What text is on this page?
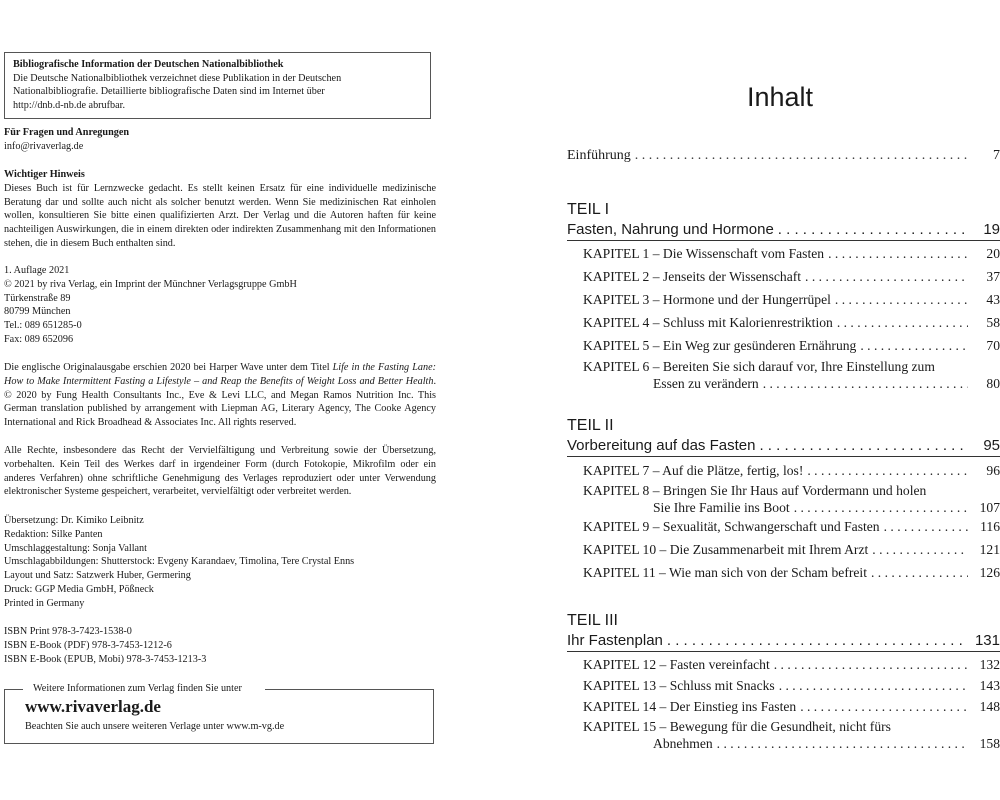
Bibliografische Information der Deutschen Nationalbibliothek
Die Deutsche Nationalbibliothek verzeichnet diese Publikation in der Deutschen
Nationalbibliografie. Detaillierte bibliografische Daten sind im Internet über
http://dnb.d-nb.de abrufbar.

Für Fragen und Anregungen

info@rivaverlag.de

Wichtiger Hinweis

Dieses Buch ist für Lernzwecke gedacht. Es stellt keinen Ersatz für eine individuelle medizinische Beratung dar und sollte auch nicht als solcher benutzt werden. Wenn Sie medizinischen Rat einholen wollen, konsultieren Sie bitte einen qualifizierten Arzt. Der Verlag und die Autoren haften für keine nachteiligen Auswirkungen, die in einem direkten oder indirekten Zusammenhang mit den Informationen stehen, die in diesem Buch enthalten sind.

1. Auflage 2021

© 2021 by riva Verlag, ein Imprint der Münchner Verlagsgruppe GmbH

Türkenstraße 89

80799 München

Tel.: 089 651285-0

Fax: 089 652096

Die englische Originalausgabe erschien 2020 bei Harper Wave unter dem Titel Life in the Fasting Lane: How to Make Intermittent Fasting a Lifestyle – and Reap the Benefits of Weight Loss and Better Health. © 2020 by Fung Health Consultants Inc., Eve & Levi LLC, and Megan Ramos Nutrition Inc. This German translation published by arrangement with Liepman AG, Literary Agency, The Cooke Agency International and Rick Broadhead & Associates Inc. All rights reserved.

Alle Rechte, insbesondere das Recht der Vervielfältigung und Verbreitung sowie der Übersetzung, vorbehalten. Kein Teil des Werkes darf in irgendeiner Form (durch Fotokopie, Mikrofilm oder ein anderes Verfahren) ohne schriftliche Genehmigung des Verlages reproduziert oder unter Verwendung elektronischer Systeme gespeichert, verarbeitet, vervielfältigt oder verbreitet werden.

Übersetzung: Dr. Kimiko Leibnitz

Redaktion: Silke Panten

Umschlaggestaltung: Sonja Vallant

Umschlagabbildungen: Shutterstock: Evgeny Karandaev, Timolina, Tere Crystal Enns

Layout und Satz: Satzwerk Huber, Germering

Druck: GGP Media GmbH, Pößneck

Printed in Germany

ISBN Print 978-3-7423-1538-0

ISBN E-Book (PDF) 978-3-7453-1212-6

ISBN E-Book (EPUB, Mobi) 978-3-7453-1213-3

Weitere Informationen zum Verlag finden Sie unter
www.rivaverlag.de
Beachten Sie auch unsere weiteren Verlage unter www.m-vg.de
Inhalt
Einführung . . .	7
TEIL I
Fasten, Nahrung und Hormone . . .	19
KAPITEL 1 – Die Wissenschaft vom Fasten . . .	20
KAPITEL 2 – Jenseits der Wissenschaft . . .	37
KAPITEL 3 – Hormone und der Hungerrüpel . . .	43
KAPITEL 4 – Schluss mit Kalorienrestriktion . . .	58
KAPITEL 5 – Ein Weg zur gesünderen Ernährung . . .	70
KAPITEL 6 – Bereiten Sie sich darauf vor, Ihre Einstellung zum
Essen zu verändern . . .	80
TEIL II
Vorbereitung auf das Fasten . . .	95
KAPITEL 7 – Auf die Plätze, fertig, los! . . .	96
KAPITEL 8 – Bringen Sie Ihr Haus auf Vordermann und holen
Sie Ihre Familie ins Boot . . .	107
KAPITEL 9 – Sexualität, Schwangerschaft und Fasten . . .	116
KAPITEL 10 – Die Zusammenarbeit mit Ihrem Arzt . . .	121
KAPITEL 11 – Wie man sich von der Scham befreit . . .	126
TEIL III
Ihr Fastenplan . . .	131
KAPITEL 12 – Fasten vereinfacht . . .	132
KAPITEL 13 – Schluss mit Snacks . . .	143
KAPITEL 14 – Der Einstieg ins Fasten . . .	148
KAPITEL 15 – Bewegung für die Gesundheit, nicht fürs
Abnehmen . . .	158
